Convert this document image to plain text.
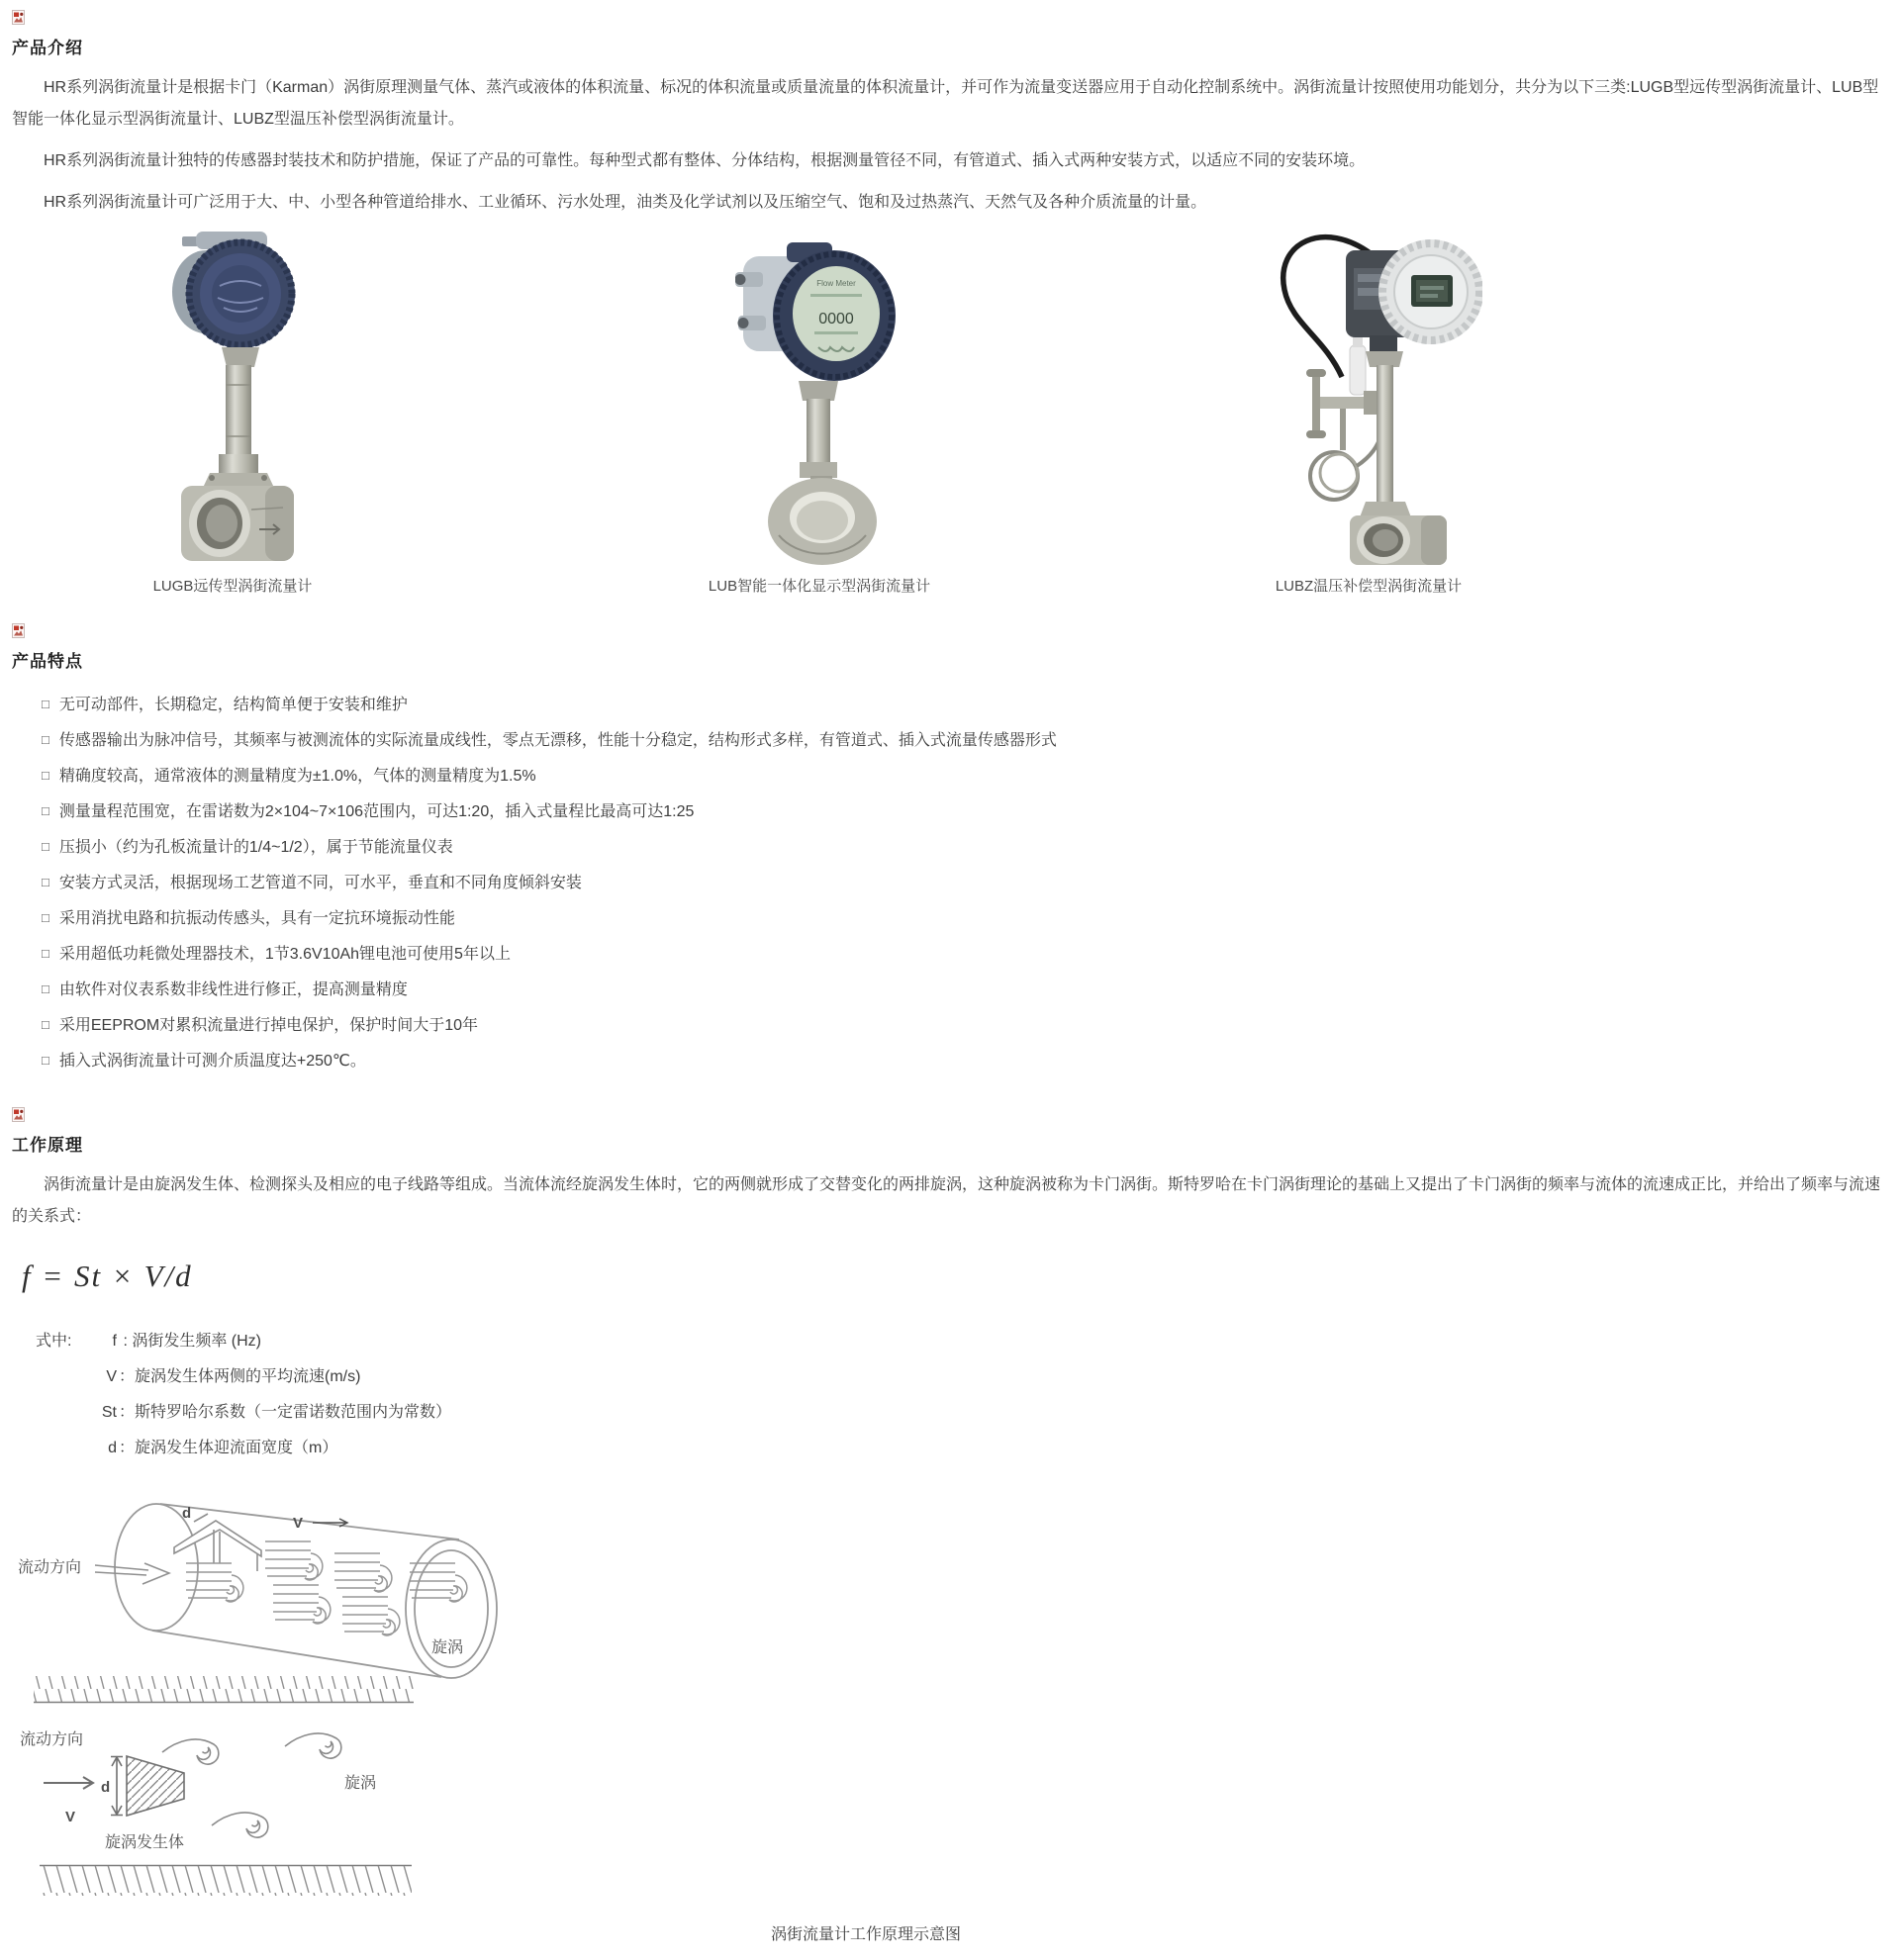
产品介绍

HR系列涡街流量计是根据卡门（Karman）涡街原理测量气体、蒸汽或液体的体积流量、标况的体积流量或质量流量的体积流量计，并可作为流量变送器应用于自动化控制系统中。涡街流量计按照使用功能划分，共分为以下三类:LUGB型远传型涡街流量计、LUB型智能一体化显示型涡街流量计、LUBZ型温压补偿型涡街流量计。

HR系列涡街流量计独特的传感器封装技术和防护措施，保证了产品的可靠性。每种型式都有整体、分体结构，根据测量管径不同，有管道式、插入式两种安装方式，以适应不同的安装环境。

HR系列涡街流量计可广泛用于大、中、小型各种管道给排水、工业循环、污水处理，油类及化学试剂以及压缩空气、饱和及过热蒸汽、天然气及各种介质流量的计量。

LUGB远传型涡街流量计
Flow Meter
0000
LUB智能一体化显示型涡街流量计	LUBZ温压补偿型涡街流量计
产品特点
□ 无可动部件，长期稳定，结构简单便于安装和维护
□ 传感器输出为脉冲信号，其频率与被测流体的实际流量成线性，零点无漂移，性能十分稳定，结构形式多样，有管道式、插入式流量传感器形式
□ 精确度较高，通常液体的测量精度为±1.0%，气体的测量精度为1.5%
□ 测量量程范围宽，在雷诺数为2×104~7×106范围内，可达1:20，插入式量程比最高可达1:25
□ 压损小（约为孔板流量计的1/4~1/2），属于节能流量仪表
□ 安装方式灵活，根据现场工艺管道不同，可水平，垂直和不同角度倾斜安装
□ 采用消扰电路和抗振动传感头，具有一定抗环境振动性能
□ 采用超低功耗微处理器技术，1节3.6V10Ah锂电池可使用5年以上
□ 由软件对仪表系数非线性进行修正，提高测量精度
□ 采用EEPROM对累积流量进行掉电保护，保护时间大于10年
□ 插入式涡街流量计可测介质温度达+250℃。
工作原理

涡街流量计是由旋涡发生体、检测探头及相应的电子线路等组成。当流体流经旋涡发生体时，它的两侧就形成了交替变化的两排旋涡，这种旋涡被称为卡门涡街。斯特罗哈在卡门涡街理论的基础上又提出了卡门涡街的频率与流体的流速成正比，并给出了频率与流速的关系式：

f = St × V/d
式中:	f : 涡街发生频率 (Hz)
V ：旋涡发生体两侧的平均流速(m/s)
St ：斯特罗哈尔系数（一定雷诺数范围内为常数）
d ：旋涡发生体迎流面宽度（m）
流动方向
d
V
旋涡
流动方向
V
d
旋涡发生体
旋涡

涡街流量计工作原理示意图
